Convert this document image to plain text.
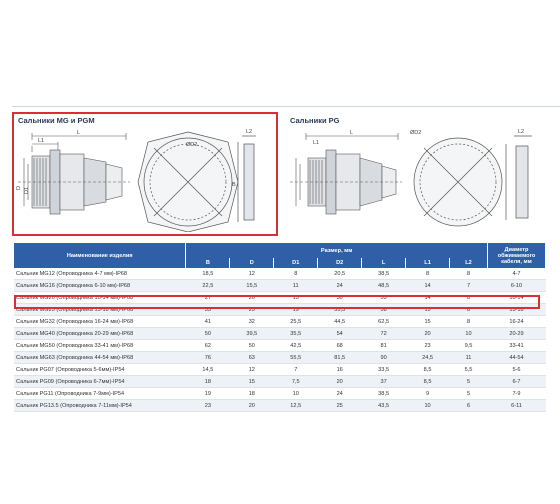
Сальники MG и PGM	Сальники PG
L1
L
D D1
ØD2
B
L2	L
L1
ØD2	L2
Наименование изделия	Размер, мм							Диаметр обжимаемого кабеля, мм
	B	D	D1	D2	L	L1	L2	
Сальник MG12 (Опроводника 4-7 мм)-IP68	18,5	12	8	20,5	38,5	8	8	4-7
Сальник MG16 (Опроводника 6-10 мм)-IP68	22,5	15,5	11	24	48,5	14	7	6-10
Сальник MG20 (Опроводника 10-14 мм)-IP68	27	20	15	30	53	14	8	10-14
Сальник MG25 (Опроводника 13-18 мм)-IP68	33	25	19	35,5	58	15	8	13-18
Сальник MG32 (Опроводника 16-24 мм)-IP68	41	32	25,5	44,5	62,5	15	8	16-24
Сальник MG40 (Опроводника 20-29 мм)-IP68	50	39,5	35,5	54	72	20	10	20-29
Сальник MG50 (Опроводника 33-41 мм)-IP68	62	50	42,5	68	81	23	9,5	33-41
Сальник MG63 (Опроводника 44-54 мм)-IP68	76	63	55,5	81,5	90	24,5	11	44-54
Сальник PG07 (Опроводника 5-6мм)-IP54	14,5	12	7	16	33,5	8,5	5,5	5-6
Сальник PG09 (Опроводника 6-7мм)-IP54	18	15	7,5	20	37	8,5	5	6-7
Сальник PG11 (Опроводника 7-9мм)-IP54	19	18	10	24	38,5	9	5	7-9
Сальник PG13.5 (Опроводника 7-11мм)-IP54	23	20	12,5	25	43,5	10	6	6-11
